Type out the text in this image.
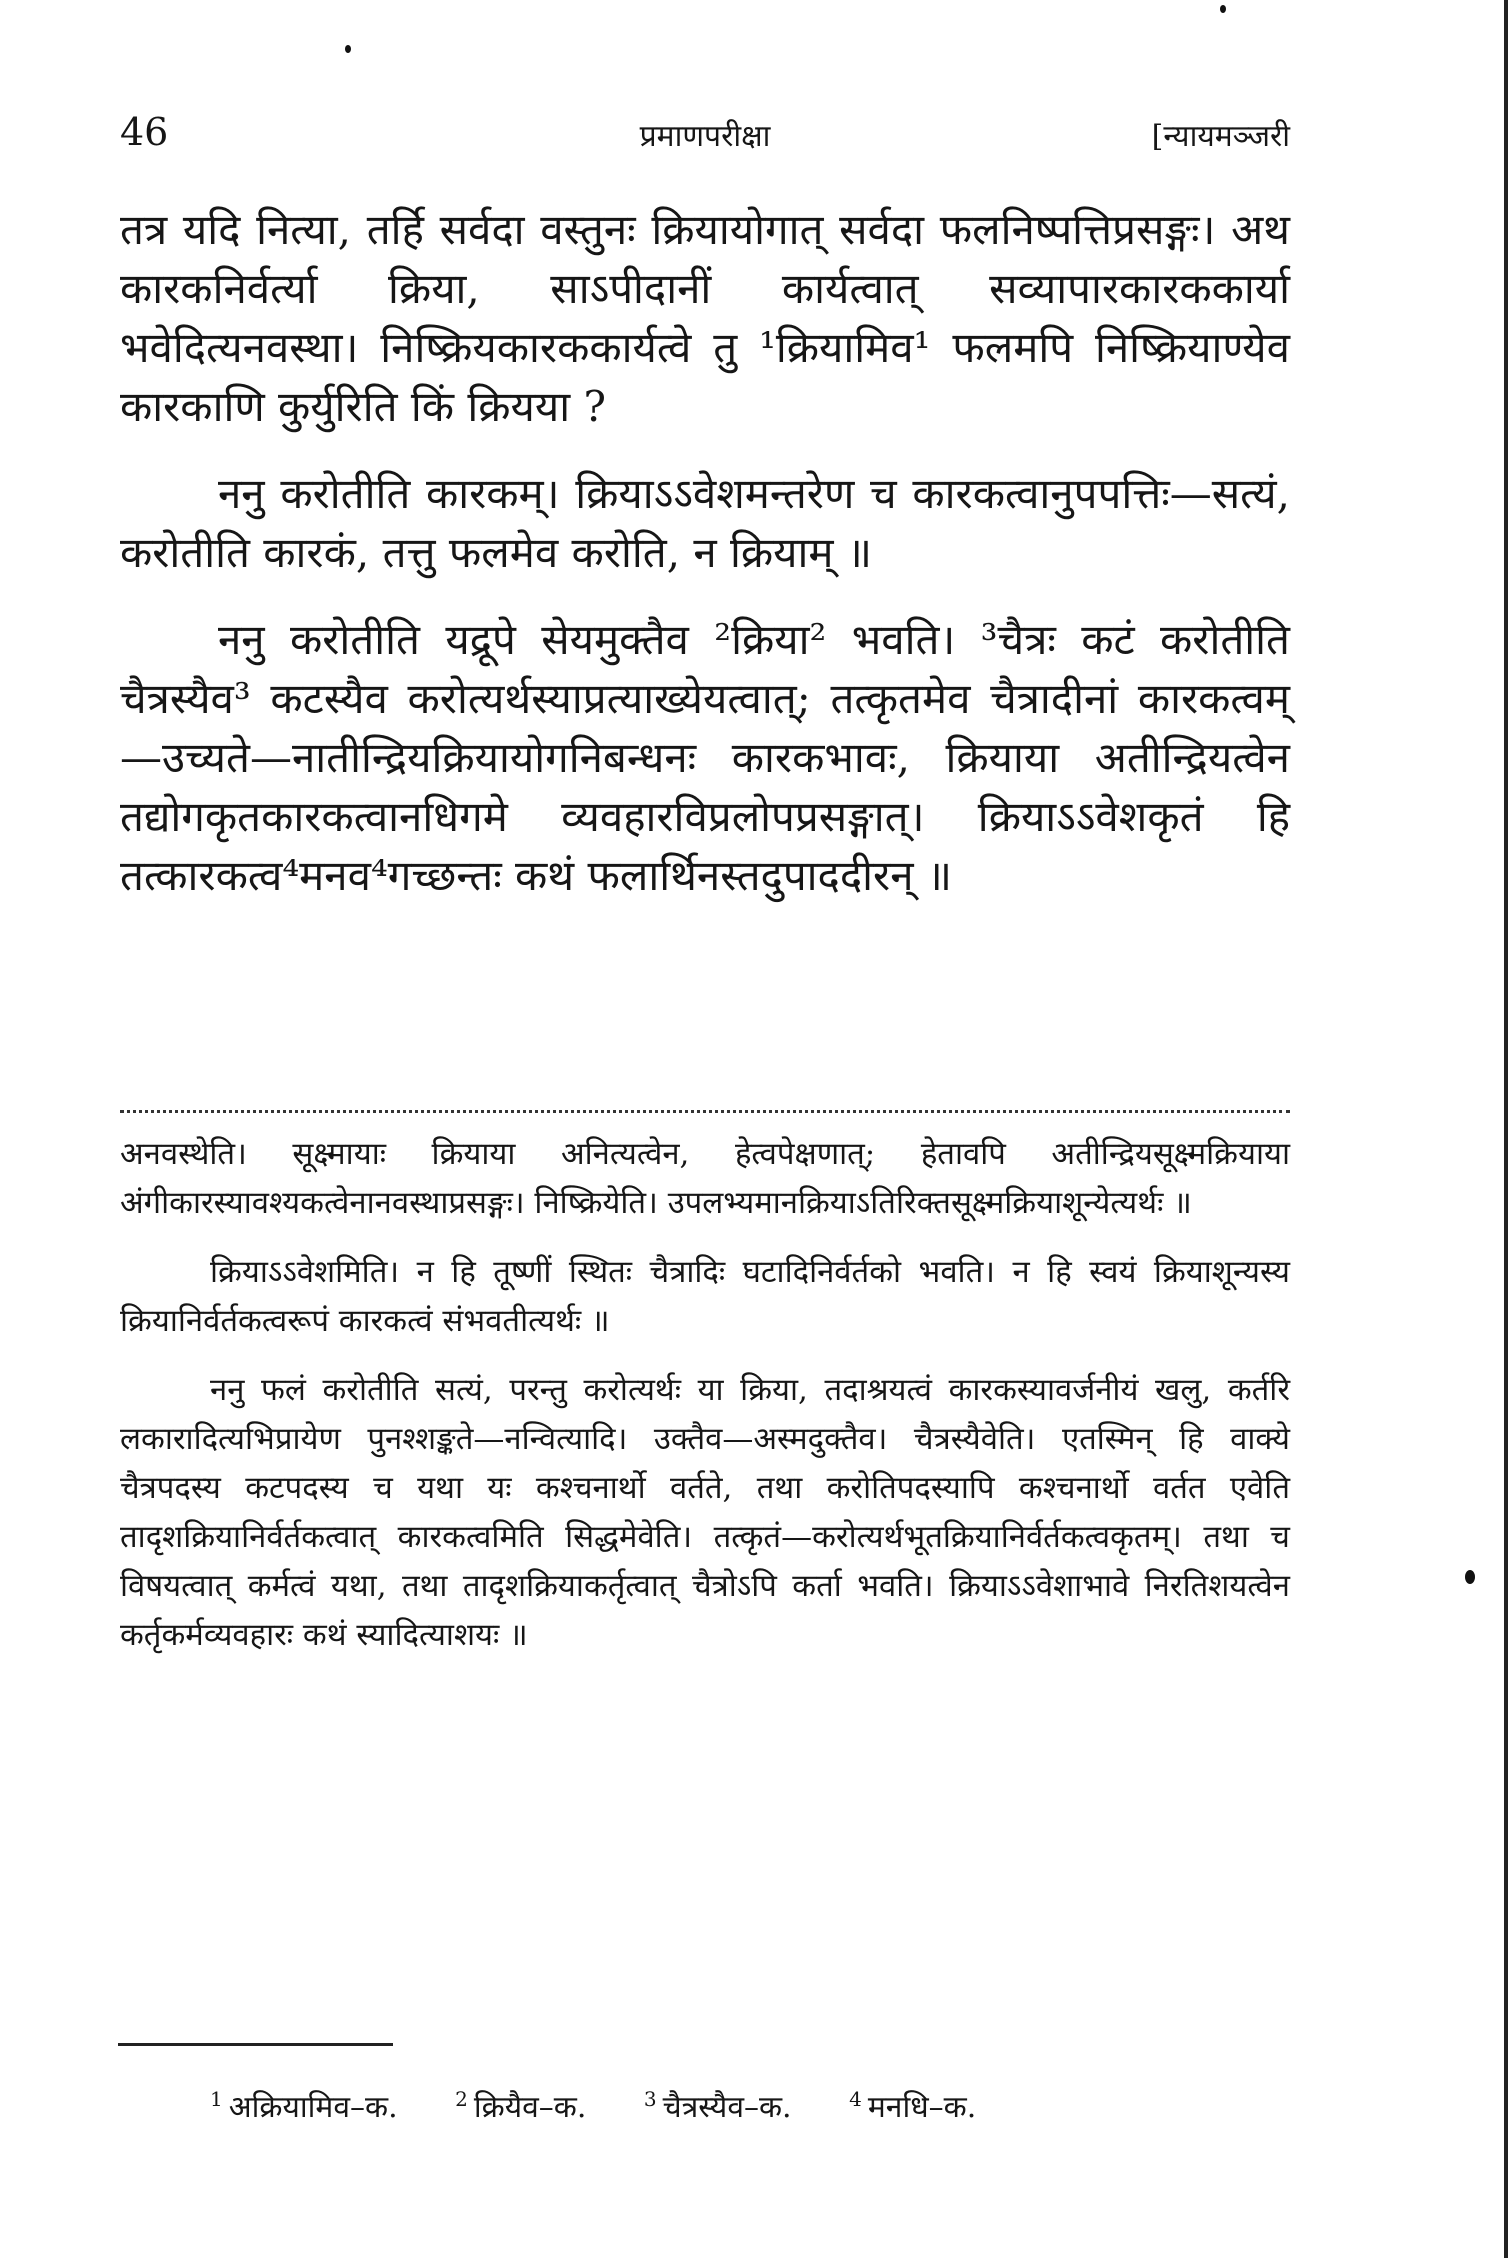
46	प्रमाणपरीक्षा	[न्यायमञ्जरी

तत्र यदि नित्या, तर्हि सर्वदा वस्तुनः क्रियायोगात् सर्वदा फलनिष्पत्तिप्रसङ्गः। अथ कारकनिर्वर्त्या क्रिया, साऽपीदानीं कार्यत्वात् सव्यापारकारककार्या भवेदित्यनवस्था। निष्क्रियकारककार्यत्वे तु ¹क्रियामिव¹ फलमपि निष्क्रियाण्येव कारकाणि कुर्युरिति किं क्रियया ?

ननु करोतीति कारकम्। क्रियाऽऽवेशमन्तरेण च कारकत्वानुपपत्तिः—सत्यं, करोतीति कारकं, तत्तु फलमेव करोति, न क्रियाम् ॥

ननु करोतीति यद्रूपे सेयमुक्तैव ²क्रिया² भवति। ³चैत्रः कटं करोतीति चैत्रस्यैव³ कटस्यैव करोत्यर्थस्याप्रत्याख्येयत्वात्; तत्कृतमेव चैत्रादीनां कारकत्वम्—उच्यते—नातीन्द्रियक्रियायोगनिबन्धनः कारकभावः, क्रियाया अतीन्द्रियत्वेन तद्योगकृतकारकत्वानधिगमे व्यवहारविप्रलोपप्रसङ्गात्। क्रियाऽऽवेशकृतं हि तत्कारकत्व⁴मनव⁴गच्छन्तः कथं फलार्थिनस्तदुपाददीरन् ॥

अनवस्थेति। सूक्ष्मायाः क्रियाया अनित्यत्वेन, हेत्वपेक्षणात्; हेतावपि अतीन्द्रियसूक्ष्मक्रियाया अंगीकारस्यावश्यकत्वेनानवस्थाप्रसङ्गः। निष्क्रियेति। उपलभ्यमानक्रियाऽतिरिक्तसूक्ष्मक्रियाशून्येत्यर्थः ॥

क्रियाऽऽवेशमिति। न हि तूष्णीं स्थितः चैत्रादिः घटादिनिर्वर्तको भवति। न हि स्वयं क्रियाशून्यस्य क्रियानिर्वर्तकत्वरूपं कारकत्वं संभवतीत्यर्थः ॥

ननु फलं करोतीति सत्यं, परन्तु करोत्यर्थः या क्रिया, तदाश्रयत्वं कारकस्यावर्जनीयं खलु, कर्तरि लकारादित्यभिप्रायेण पुनश्शङ्कते—नन्वित्यादि। उक्तैव—अस्मदुक्तैव। चैत्रस्यैवेति। एतस्मिन् हि वाक्ये चैत्रपदस्य कटपदस्य च यथा यः कश्चनार्थो वर्तते, तथा करोतिपदस्यापि कश्चनार्थो वर्तत एवेति तादृशक्रियानिर्वर्तकत्वात् कारकत्वमिति सिद्धमेवेति। तत्कृतं—करोत्यर्थभूतक्रियानिर्वर्तकत्वकृतम्। तथा च विषयत्वात् कर्मत्वं यथा, तथा तादृशक्रियाकर्तृत्वात् चैत्रोऽपि कर्ता भवति। क्रियाऽऽवेशाभावे निरतिशयत्वेन कर्तृकर्मव्यवहारः कथं स्यादित्याशयः ॥

$^1$ अक्रियामिव–क.	$^2$ क्रियैव–क.	$^3$ चैत्रस्यैव–क.	$^4$ मनधि–क.
